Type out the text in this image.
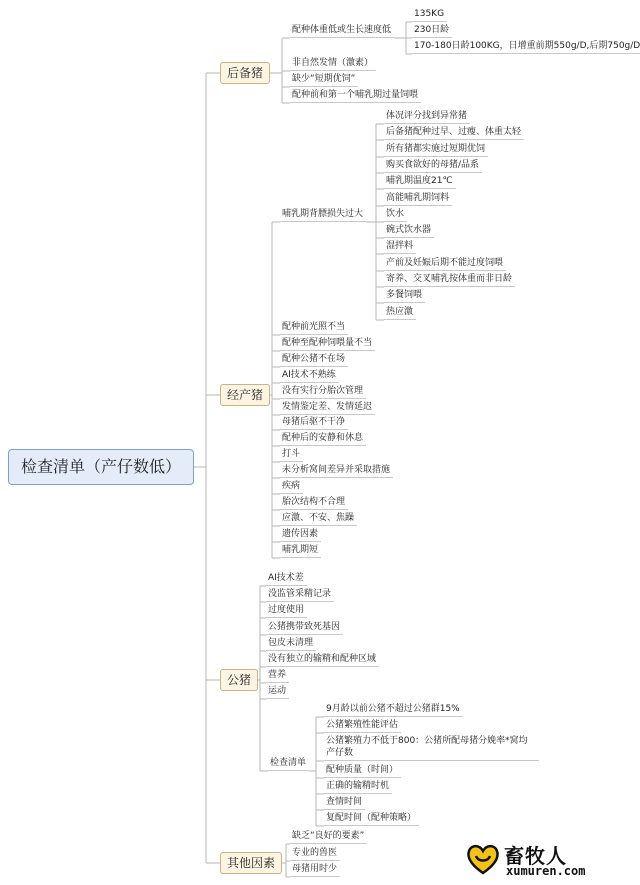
检查清单（产仔数低）
后备猪
配种体重低或生长速度低
135KG
230日龄
170-180日龄100KG，日增重前期550g/D,后期750g/D
非自然发情（激素）
缺少“短期优饲”
配种前和第一个哺乳期过量饲喂
经产猪
哺乳期背膘损失过大
体况评分找到异常猪
后备猪配种过早、过瘦、体重太轻
所有猪都实施过短期优饲
购买食欲好的母猪/品系
哺乳期温度21℃
高能哺乳期饲料
饮水
碗式饮水器
湿拌料
产前及妊娠后期不能过度饲喂
寄养、交叉哺乳按体重而非日龄
多餐饲喂
热应激
配种前光照不当
配种至配种饲喂量不当
配种公猪不在场
AI技术不熟练
没有实行分胎次管理
发情鉴定差、发情延迟
母猪后驱不干净
配种后的安静和休息
打斗
未分析窝间差异并采取措施
疾病
胎次结构不合理
应激、不安、焦躁
遗传因素
哺乳期短
公猪
AI技术差
没监管采精记录
过度使用
公猪携带致死基因
包皮未清理
没有独立的输精和配种区域
营养
运动
检查清单
9月龄以前公猪不超过公猪群15%
公猪繁殖性能评估
公猪繁殖力不低于800：公猪所配母猪分娩率*窝均产仔数
配种质量（时间）
正确的输精时机
查情时间
复配时间（配种策略）
其他因素
缺乏“良好的要素”
专业的兽医
母猪用时少
畜牧人
xumuren.com
